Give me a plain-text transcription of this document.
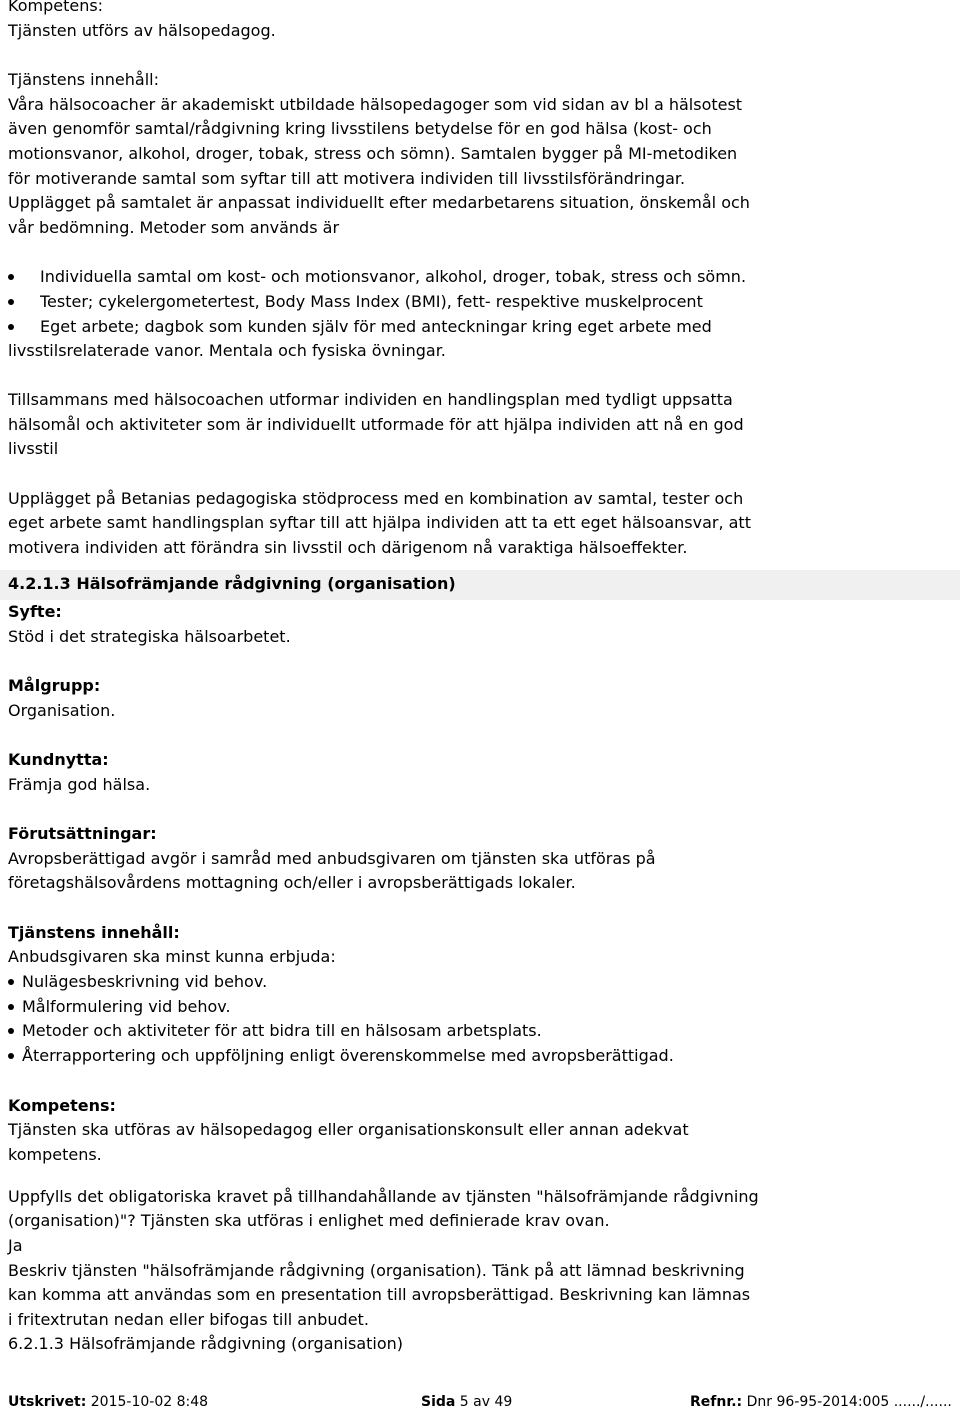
Kompetens:

Tjänsten utförs av hälsopedagog.

Tjänstens innehåll:

Våra hälsocoacher är akademiskt utbildade hälsopedagoger som vid sidan av bl a hälsotest

även genomför samtal/rådgivning kring livsstilens betydelse för en god hälsa (kost- och

motionsvanor, alkohol, droger, tobak, stress och sömn). Samtalen bygger på MI-metodiken

för motiverande samtal som syftar till att motivera individen till livsstilsförändringar.

Upplägget på samtalet är anpassat individuellt efter medarbetarens situation, önskemål och

vår bedömning. Metoder som används är

Individuella samtal om kost- och motionsvanor, alkohol, droger, tobak, stress och sömn.

Tester; cykelergometertest, Body Mass Index (BMI), fett- respektive muskelprocent

Eget arbete; dagbok som kunden själv för med anteckningar kring eget arbete med

livsstilsrelaterade vanor. Mentala och fysiska övningar.

Tillsammans med hälsocoachen utformar individen en handlingsplan med tydligt uppsatta

hälsomål och aktiviteter som är individuellt utformade för att hjälpa individen att nå en god

livsstil

Upplägget på Betanias pedagogiska stödprocess med en kombination av samtal, tester och

eget arbete samt handlingsplan syftar till att hjälpa individen att ta ett eget hälsoansvar, att

motivera individen att förändra sin livsstil och därigenom nå varaktiga hälsoeffekter.

4.2.1.3 Hälsofrämjande rådgivning (organisation)

Syfte:

Stöd i det strategiska hälsoarbetet.

Målgrupp:

Organisation.

Kundnytta:

Främja god hälsa.

Förutsättningar:

Avropsberättigad avgör i samråd med anbudsgivaren om tjänsten ska utföras på

företagshälsovårdens mottagning och/eller i avropsberättigads lokaler.

Tjänstens innehåll:

Anbudsgivaren ska minst kunna erbjuda:

Nulägesbeskrivning vid behov.

Målformulering vid behov.

Metoder och aktiviteter för att bidra till en hälsosam arbetsplats.

Återrapportering och uppföljning enligt överenskommelse med avropsberättigad.

Kompetens:

Tjänsten ska utföras av hälsopedagog eller organisationskonsult eller annan adekvat

kompetens.

Uppfylls det obligatoriska kravet på tillhandahållande av tjänsten "hälsofrämjande rådgivning

(organisation)"? Tjänsten ska utföras i enlighet med definierade krav ovan.

Ja

Beskriv tjänsten "hälsofrämjande rådgivning (organisation). Tänk på att lämnad beskrivning

kan komma att användas som en presentation till avropsberättigad. Beskrivning kan lämnas

i fritextrutan nedan eller bifogas till anbudet.

6.2.1.3 Hälsofrämjande rådgivning (organisation)

Utskrivet: 2015-10-02 8:48	Sida 5 av 49	Refnr.: Dnr 96-95-2014:005 ....../......
